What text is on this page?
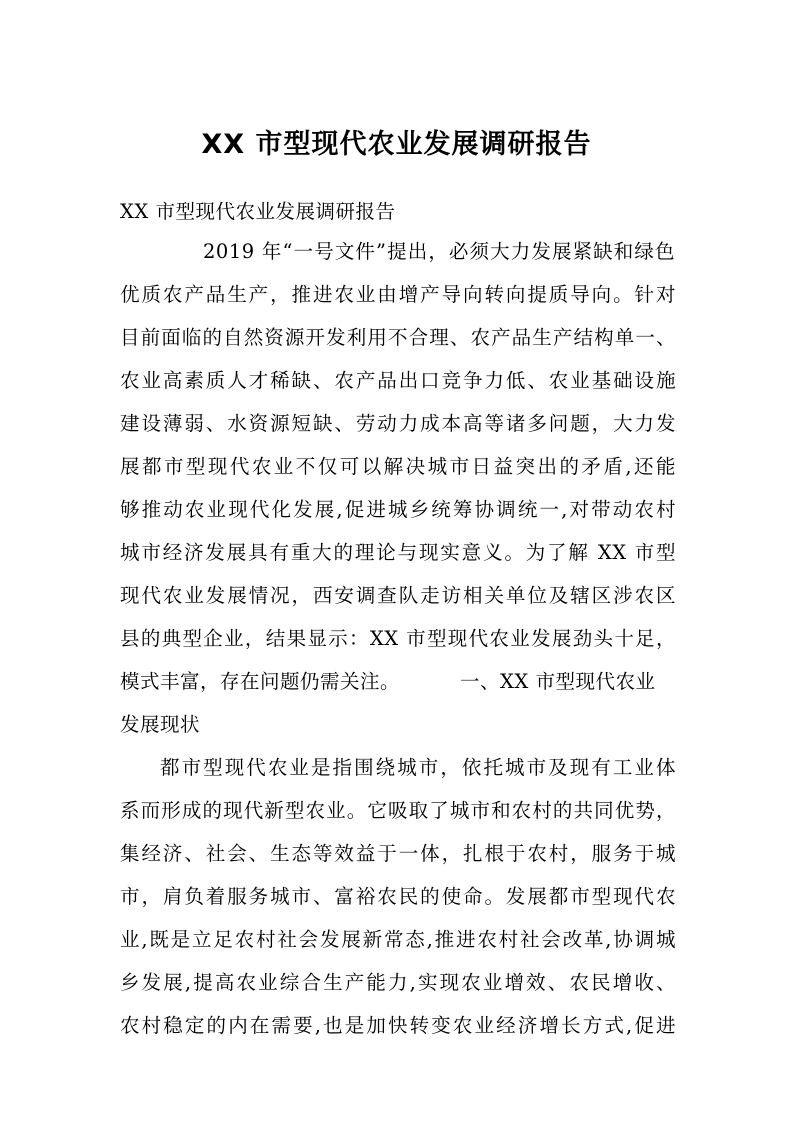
XX 市型现代农业发展调研报告
XX 市型现代农业发展调研报告
2019 年“一号文件”提出，必须大力发展紧缺和绿色
优质农产品生产，推进农业由增产导向转向提质导向。针对
目前面临的自然资源开发利用不合理、农产品生产结构单一、
农业高素质人才稀缺、农产品出口竞争力低、农业基础设施
建设薄弱、水资源短缺、劳动力成本高等诸多问题，大力发
展都市型现代农业不仅可以解决城市日益突出的矛盾,还能
够推动农业现代化发展,促进城乡统筹协调统一,对带动农村
城市经济发展具有重大的理论与现实意义。为了解 XX 市型
现代农业发展情况，西安调查队走访相关单位及辖区涉农区
县的典型企业，结果显示：XX 市型现代农业发展劲头十足，
模式丰富，存在问题仍需关注。	一、XX 市型现代农业
发展现状
都市型现代农业是指围绕城市，依托城市及现有工业体
系而形成的现代新型农业。它吸取了城市和农村的共同优势，
集经济、社会、生态等效益于一体，扎根于农村，服务于城
市，肩负着服务城市、富裕农民的使命。发展都市型现代农
业,既是立足农村社会发展新常态,推进农村社会改革,协调城
乡发展,提高农业综合生产能力,实现农业增效、农民增收、
农村稳定的内在需要,也是加快转变农业经济增长方式,促进
